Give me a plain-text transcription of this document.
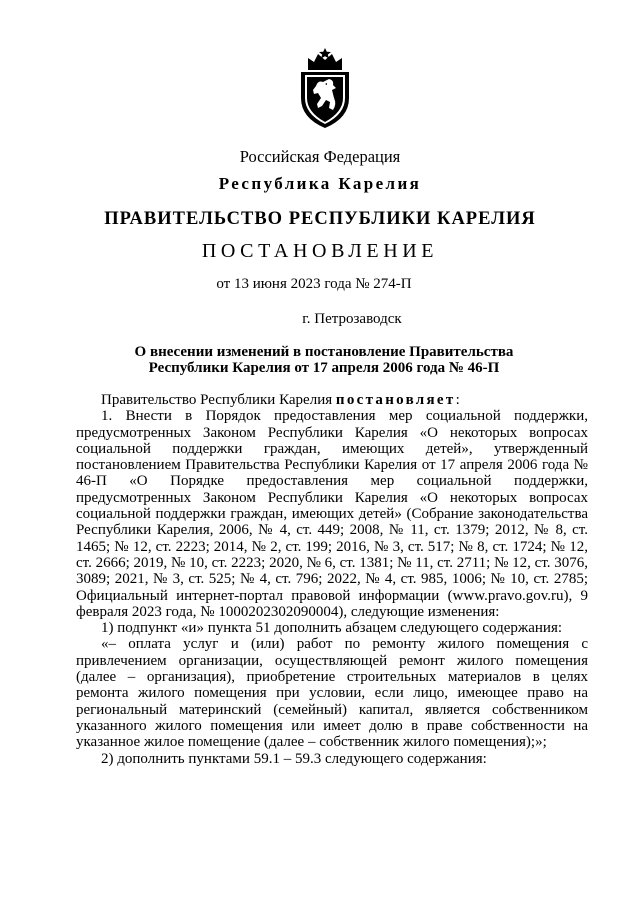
Российская Федерация
Республика Карелия
ПРАВИТЕЛЬСТВО РЕСПУБЛИКИ КАРЕЛИЯ
ПОСТАНОВЛЕНИЕ
от 13 июня 2023 года № 274-П
г. Петрозаводск
О внесении изменений в постановление Правительства Республики Карелия от 17 апреля 2006 года № 46-П

Правительство Республики Карелия постановляет:

1. Внести в Порядок предоставления мер социальной поддержки, предусмотренных Законом Республики Карелия «О некоторых вопросах социальной поддержки граждан, имеющих детей», утвержденный постановлением Правительства Республики Карелия от 17 апреля 2006 года № 46-П «О Порядке предоставления мер социальной поддержки, предусмотренных Законом Республики Карелия «О некоторых вопросах социальной поддержки граждан, имеющих детей» (Собрание законодательства Республики Карелия, 2006, № 4, ст. 449; 2008, № 11, ст. 1379; 2012, № 8, ст. 1465; № 12, ст. 2223; 2014, № 2, ст. 199; 2016, № 3, ст. 517; № 8, ст. 1724; № 12, ст. 2666; 2019, № 10, ст. 2223; 2020, № 6, ст. 1381; № 11, ст. 2711; № 12, ст. 3076, 3089; 2021, № 3, ст. 525; № 4, ст. 796; 2022, № 4, ст. 985, 1006; № 10, ст. 2785; Официальный интернет-портал правовой информации (www.pravo.gov.ru), 9 февраля 2023 года, № 1000202302090004), следующие изменения:

1) подпункт «и» пункта 51 дополнить абзацем следующего содержания:

«– оплата услуг и (или) работ по ремонту жилого помещения с привлечением организации, осуществляющей ремонт жилого помещения (далее – организация), приобретение строительных материалов в целях ремонта жилого помещения при условии, если лицо, имеющее право на региональный материнский (семейный) капитал, является собственником указанного жилого помещения или имеет долю в праве собственности на указанное жилое помещение (далее – собственник жилого помещения);»;

2) дополнить пунктами 59.1 – 59.3 следующего содержания:
